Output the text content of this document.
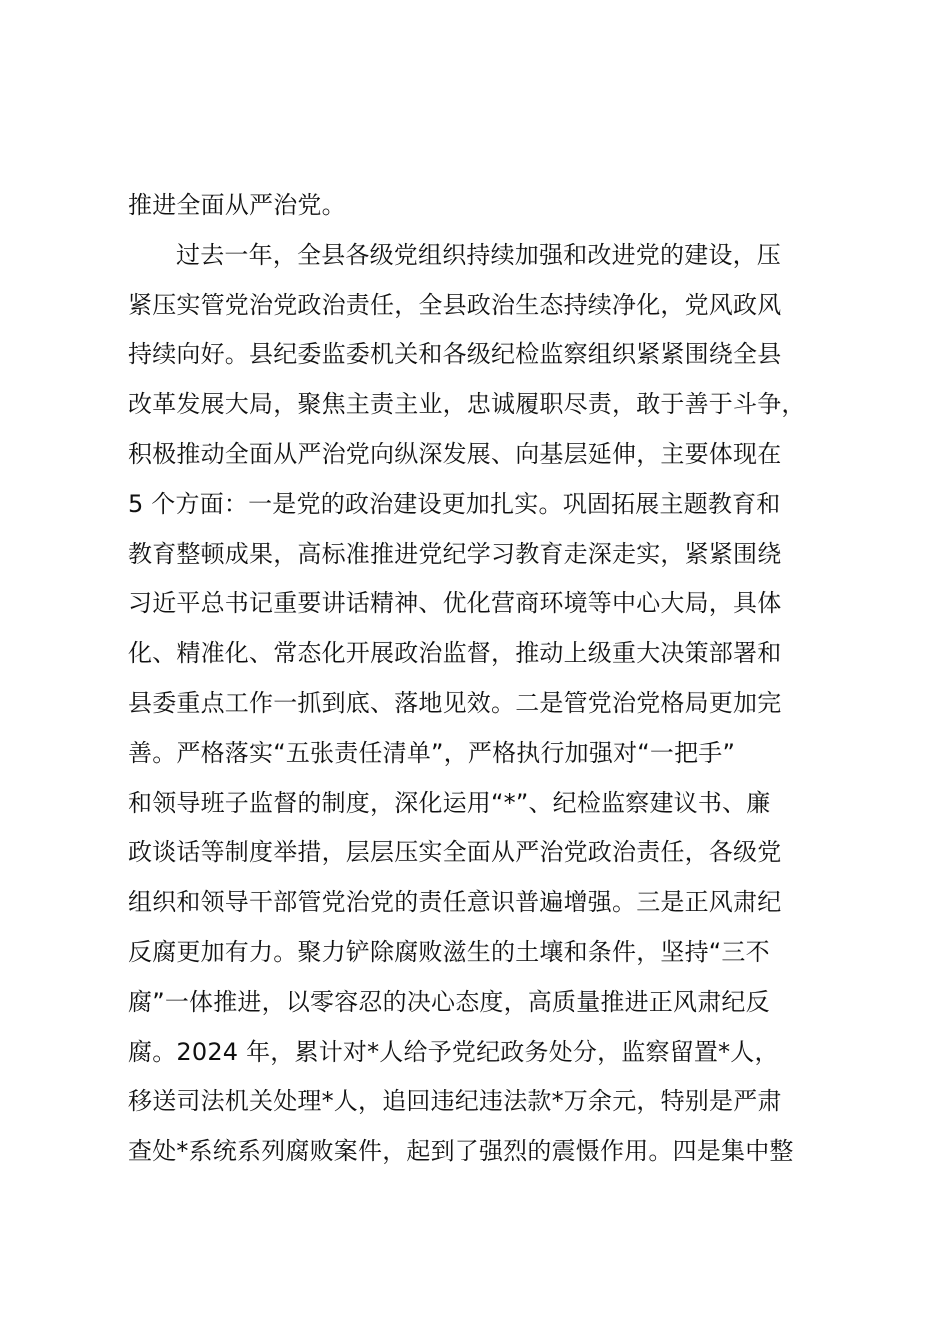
推进全面从严治党。
过去一年，全县各级党组织持续加强和改进党的建设，压
紧压实管党治党政治责任，全县政治生态持续净化，党风政风
持续向好。县纪委监委机关和各级纪检监察组织紧紧围绕全县
改革发展大局，聚焦主责主业，忠诚履职尽责，敢于善于斗争，
积极推动全面从严治党向纵深发展、向基层延伸，主要体现在
5 个方面：一是党的政治建设更加扎实。巩固拓展主题教育和
教育整顿成果，高标准推进党纪学习教育走深走实，紧紧围绕
习近平总书记重要讲话精神、优化营商环境等中心大局，具体
化、精准化、常态化开展政治监督，推动上级重大决策部署和
县委重点工作一抓到底、落地见效。二是管党治党格局更加完
善。严格落实“五张责任清单”，严格执行加强对“一把手”
和领导班子监督的制度，深化运用“*”、纪检监察建议书、廉
政谈话等制度举措，层层压实全面从严治党政治责任，各级党
组织和领导干部管党治党的责任意识普遍增强。三是正风肃纪
反腐更加有力。聚力铲除腐败滋生的土壤和条件，坚持“三不
腐”一体推进，以零容忍的决心态度，高质量推进正风肃纪反
腐。2024 年，累计对*人给予党纪政务处分，监察留置*人，
移送司法机关处理*人，追回违纪违法款*万余元，特别是严肃
查处*系统系列腐败案件，起到了强烈的震慑作用。四是集中整
